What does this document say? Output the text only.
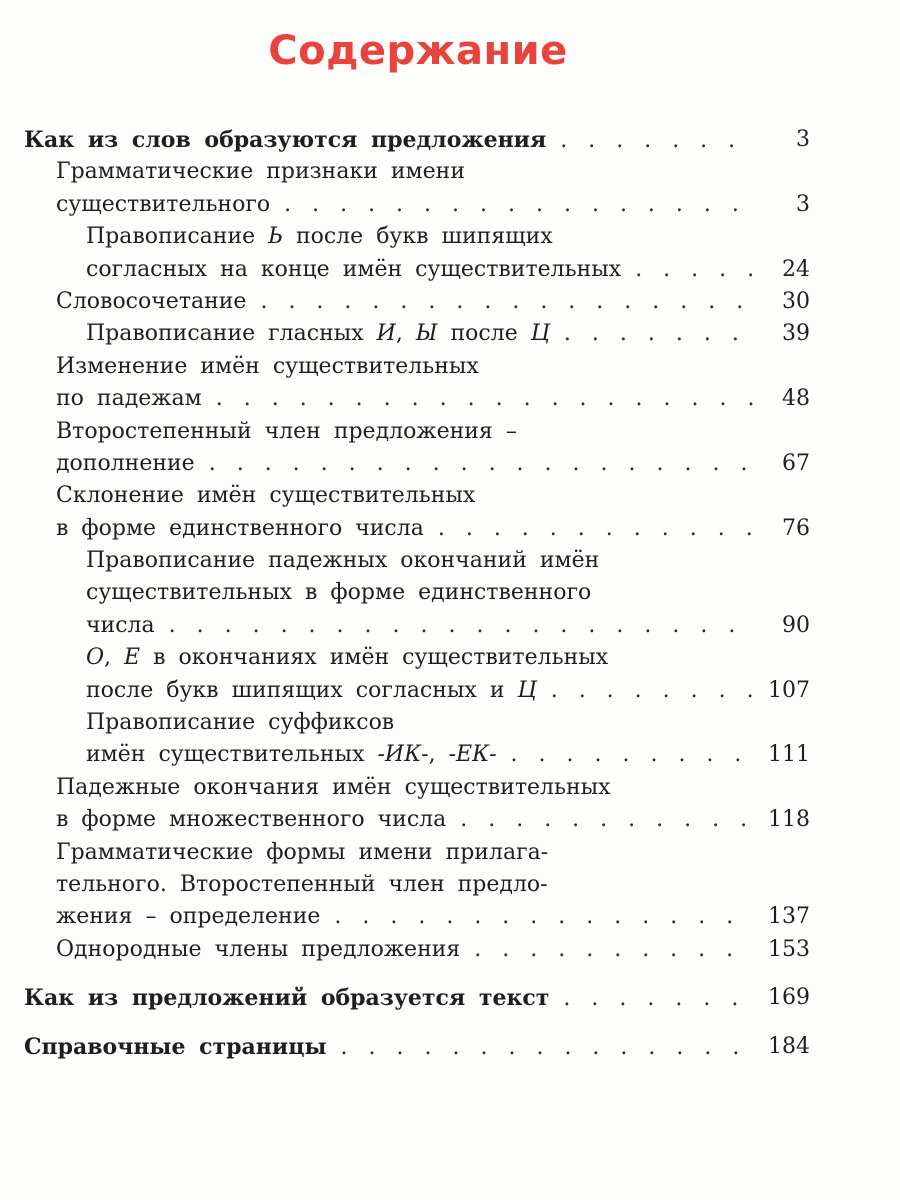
Содержание
Как из слов образуются предложения . . .	3
Грамматические признаки имени
существительного . . .	3
Правописание Ь после букв шипящих
согласных на конце имён существительных . . .	24
Словосочетание . . .	30
Правописание гласных И, Ы после Ц . . .	39
Изменение имён существительных
по падежам . . .	48
Второстепенный член предложения –
дополнение . . .	67
Склонение имён существительных
в форме единственного числа . . .	76
Правописание падежных окончаний имён
существительных в форме единственного
числа . . .	90
О, Е в окончаниях имён существительных
после букв шипящих согласных и Ц . . .	107
Правописание суффиксов
имён существительных -ИК-, -ЕК- . . .	111
Падежные окончания имён существительных
в форме множественного числа . . .	118
Грамматические формы имени прилага-
тельного. Второстепенный член предло-
жения – определение . . .	137
Однородные члены предложения . . .	153
Как из предложений образуется текст . . .	169
Справочные страницы . . .	184
